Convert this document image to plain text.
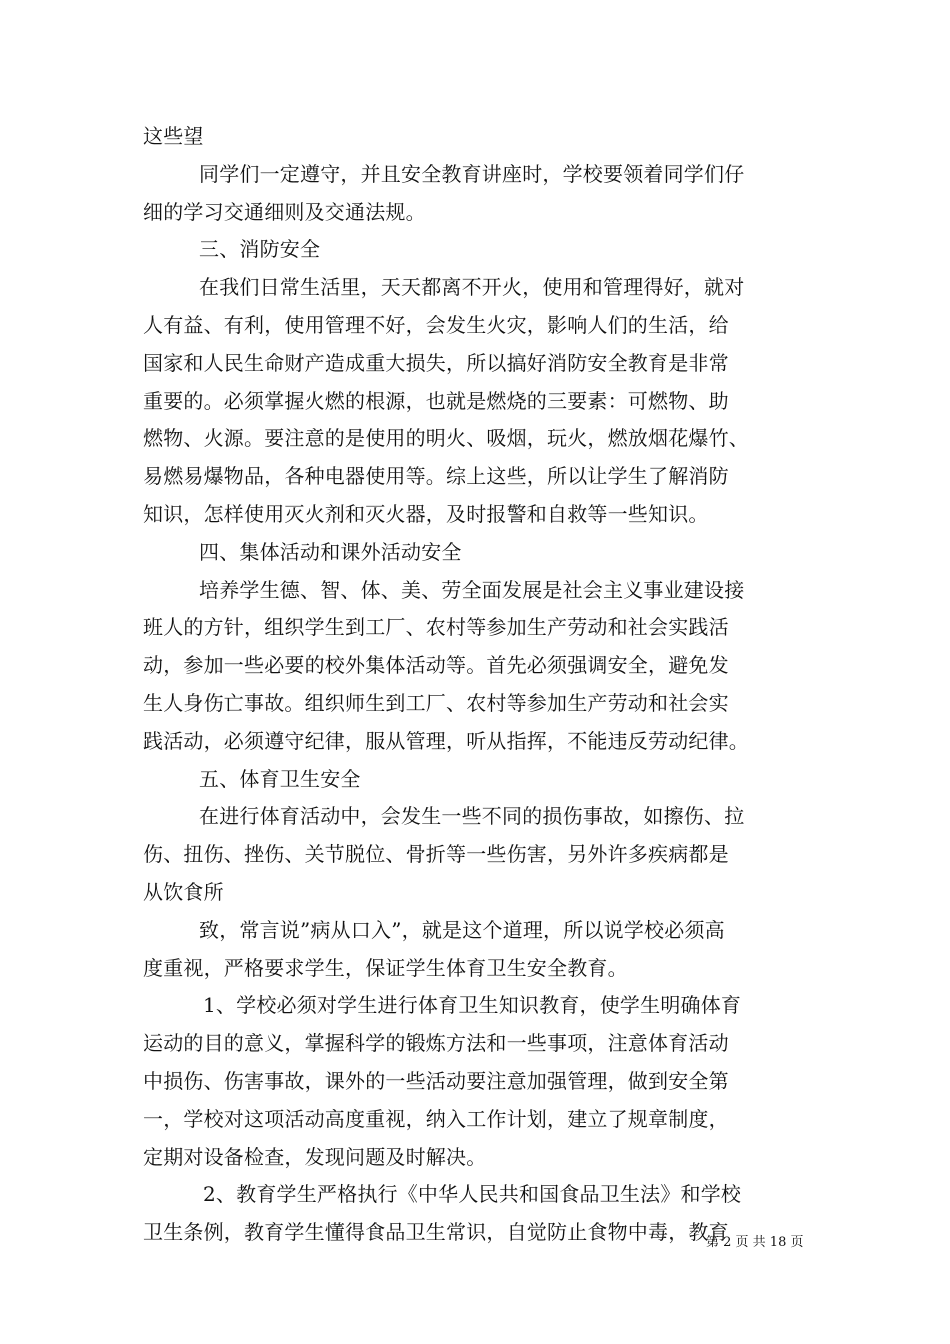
这些望
同学们一定遵守，并且安全教育讲座时，学校要领着同学们仔
细的学习交通细则及交通法规。
三、消防安全
在我们日常生活里，天天都离不开火，使用和管理得好，就对
人有益、有利，使用管理不好，会发生火灾，影响人们的生活，给
国家和人民生命财产造成重大损失，所以搞好消防安全教育是非常
重要的。必须掌握火燃的根源，也就是燃烧的三要素：可燃物、助
燃物、火源。要注意的是使用的明火、吸烟，玩火，燃放烟花爆竹、
易燃易爆物品，各种电器使用等。综上这些，所以让学生了解消防
知识，怎样使用灭火剂和灭火器，及时报警和自救等一些知识。
四、集体活动和课外活动安全
培养学生德、智、体、美、劳全面发展是社会主义事业建设接
班人的方针，组织学生到工厂、农村等参加生产劳动和社会实践活
动，参加一些必要的校外集体活动等。首先必须强调安全，避免发
生人身伤亡事故。组织师生到工厂、农村等参加生产劳动和社会实
践活动，必须遵守纪律，服从管理，听从指挥，不能违反劳动纪律。
五、体育卫生安全
在进行体育活动中，会发生一些不同的损伤事故，如擦伤、拉
伤、扭伤、挫伤、关节脱位、骨折等一些伤害，另外许多疾病都是
从饮食所
致，常言说”病从口入”，就是这个道理，所以说学校必须高
度重视，严格要求学生，保证学生体育卫生安全教育。
1、学校必须对学生进行体育卫生知识教育，使学生明确体育
运动的目的意义，掌握科学的锻炼方法和一些事项，注意体育活动
中损伤、伤害事故，课外的一些活动要注意加强管理，做到安全第
一，学校对这项活动高度重视，纳入工作计划，建立了规章制度，
定期对设备检查，发现问题及时解决。
2、教育学生严格执行《中华人民共和国食品卫生法》和学校
卫生条例，教育学生懂得食品卫生常识，自觉防止食物中毒，教育
第 2 页 共 18 页
